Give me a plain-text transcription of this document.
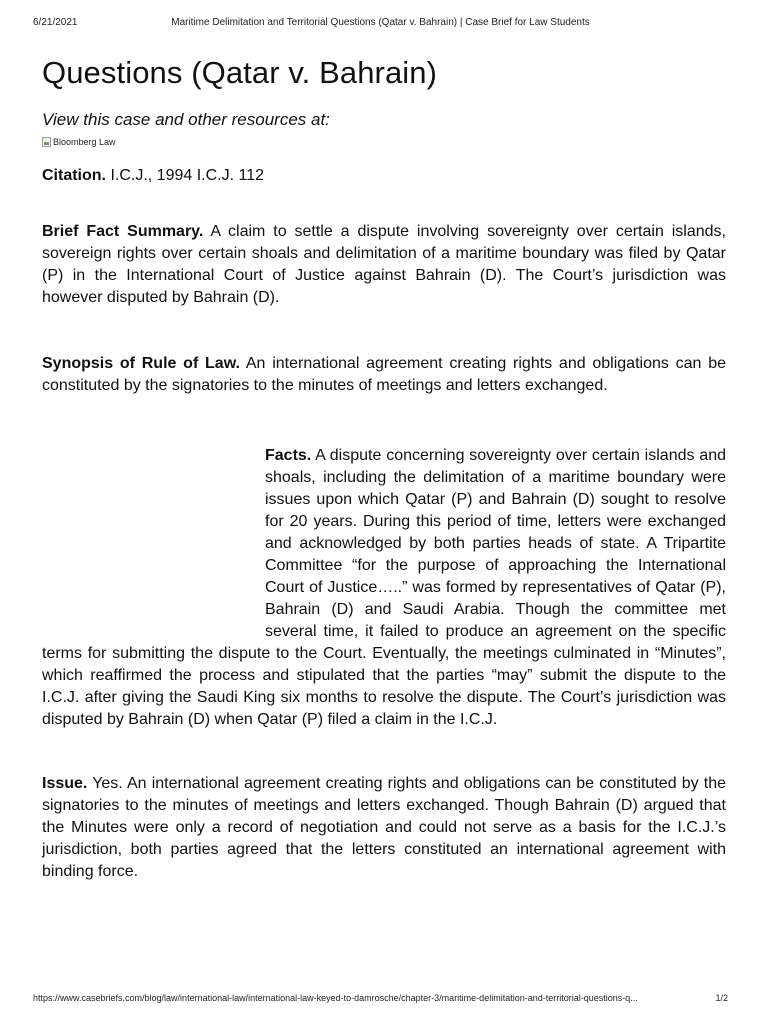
6/21/2021	Maritime Delimitation and Territorial Questions (Qatar v. Bahrain) | Case Brief for Law Students
Questions (Qatar v. Bahrain)
View this case and other resources at:
Bloomberg Law

Citation. I.C.J., 1994 I.C.J. 112

Brief Fact Summary. A claim to settle a dispute involving sovereignty over certain islands, sovereign rights over certain shoals and delimitation of a maritime boundary was filed by Qatar (P) in the International Court of Justice against Bahrain (D). The Court’s jurisdiction was however disputed by Bahrain (D).

Synopsis of Rule of Law. An international agreement creating rights and obligations can be constituted by the signatories to the minutes of meetings and letters exchanged.

Facts. A dispute concerning sovereignty over certain islands and shoals, including the delimitation of a maritime boundary were issues upon which Qatar (P) and Bahrain (D) sought to resolve for 20 years. During this period of time, letters were exchanged and acknowledged by both parties heads of state. A Tripartite Committee “for the purpose of approaching the International Court of Justice…..” was formed by representatives of Qatar (P), Bahrain (D) and Saudi Arabia. Though the committee met several time, it failed to produce an agreement on the specific terms for submitting the dispute to the Court. Eventually, the meetings culminated in “Minutes”, which reaffirmed the process and stipulated that the parties “may” submit the dispute to the I.C.J. after giving the Saudi King six months to resolve the dispute. The Court’s jurisdiction was disputed by Bahrain (D) when Qatar (P) filed a claim in the I.C.J.

Issue. Yes. An international agreement creating rights and obligations can be constituted by the signatories to the minutes of meetings and letters exchanged. Though Bahrain (D) argued that the Minutes were only a record of negotiation and could not serve as a basis for the I.C.J.’s jurisdiction, both parties agreed that the letters constituted an international agreement with binding force.

https://www.casebriefs.com/blog/law/international-law/international-law-keyed-to-damrosche/chapter-3/maritime-delimitation-and-territorial-questions-q...	1/2
